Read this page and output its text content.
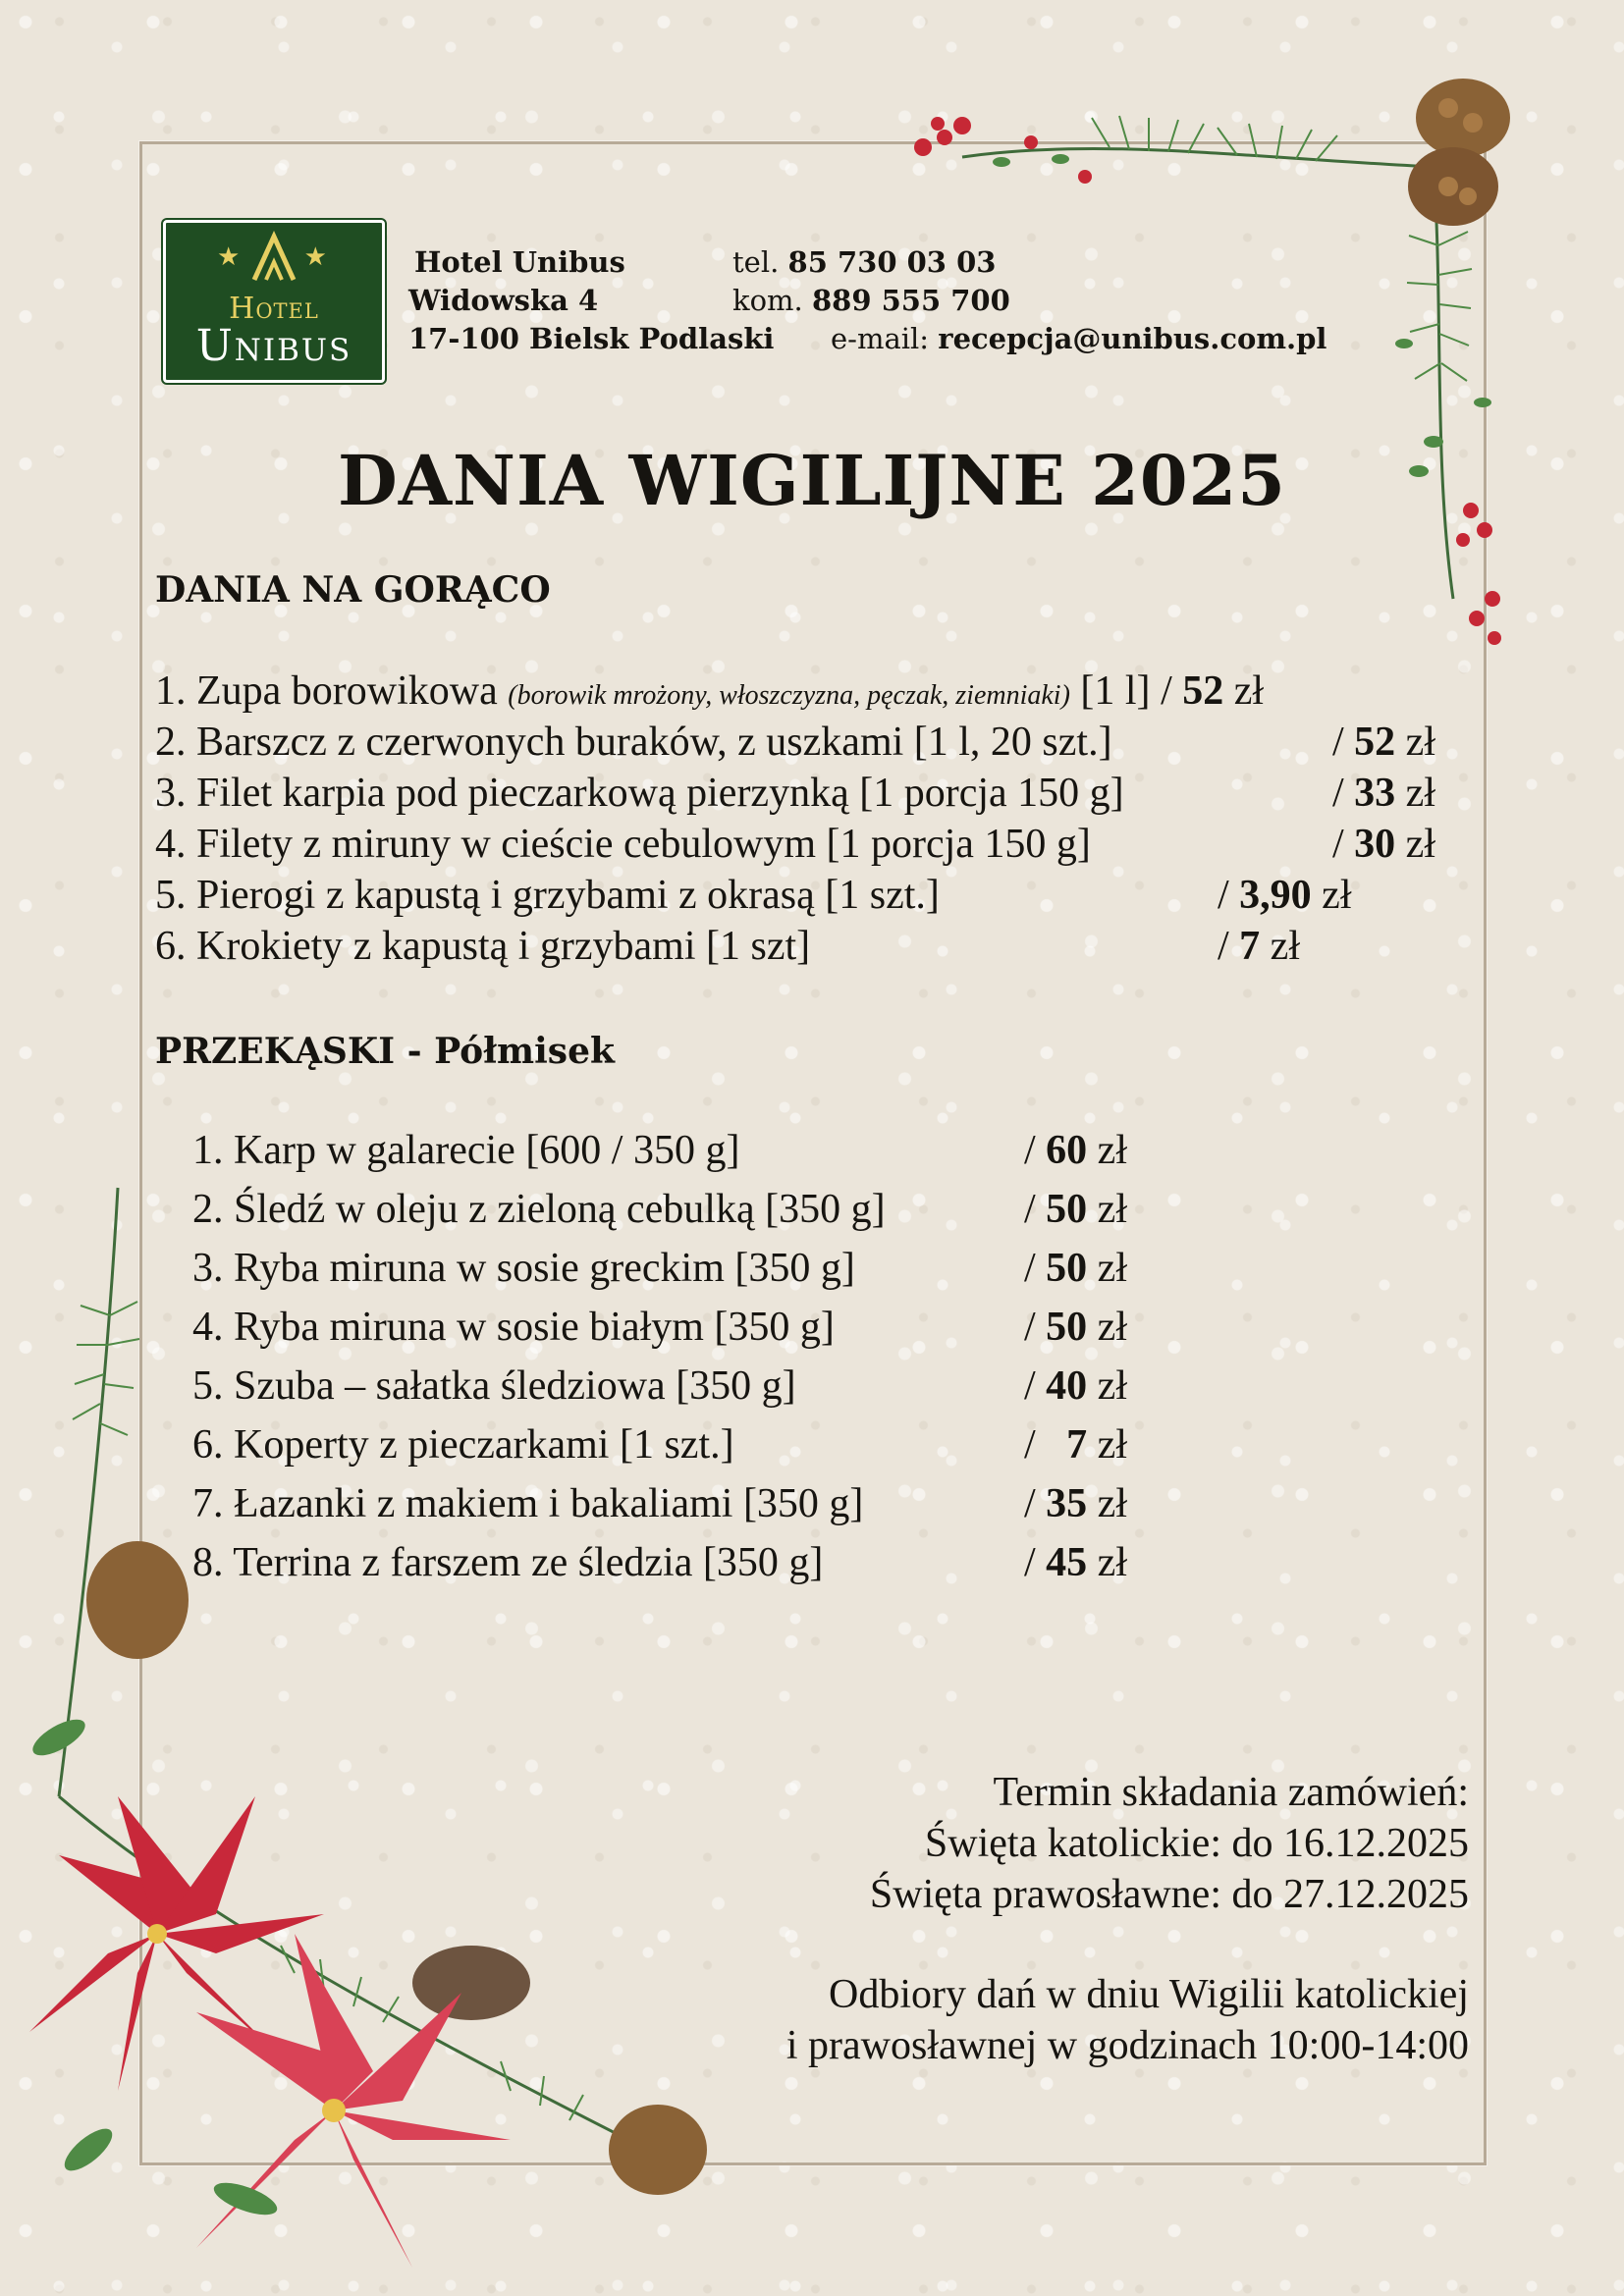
★     ★
Hotel
Unibus
Hotel Unibus
Widowska 4
17-100 Bielsk Podlaski
tel. 85 730 03 03
kom. 889 555 700
e-mail: recepcja@unibus.com.pl
DANIA WIGILIJNE 2025
DANIA NA GORĄCO
1. Zupa borowikowa (borowik mrożony, włoszczyzna, pęczak, ziemniaki) [1 l] / 52 zł
2. Barszcz z czerwonych buraków, z uszkami [1 l, 20 szt.]	/ 52 zł
3. Filet karpia pod pieczarkową pierzynką [1 porcja 150 g]	/ 33 zł
4. Filety z miruny w cieście cebulowym [1 porcja 150 g]	/ 30 zł
5. Pierogi z kapustą i grzybami z okrasą [1 szt.]	/ 3,90 zł
6. Krokiety z kapustą i grzybami [1 szt]	/ 7 zł
PRZEKĄSKI - Półmisek
1. Karp w galarecie [600 / 350 g]	/ 60 zł
2. Śledź w oleju z zieloną cebulką [350 g]	/ 50 zł
3. Ryba miruna w sosie greckim [350 g]	/ 50 zł
4. Ryba miruna w sosie białym [350 g]	/ 50 zł
5. Szuba – sałatka śledziowa [350 g]	/ 40 zł
6. Koperty z pieczarkami [1 szt.]	/   7 zł
7. Łazanki z makiem i bakaliami [350 g]	/ 35 zł
8. Terrina z farszem ze śledzia [350 g]	/ 45 zł
Termin składania zamówień:
Święta katolickie: do 16.12.2025
Święta prawosławne: do 27.12.2025
Odbiory dań w dniu Wigilii katolickiej
i prawosławnej w godzinach 10:00-14:00
